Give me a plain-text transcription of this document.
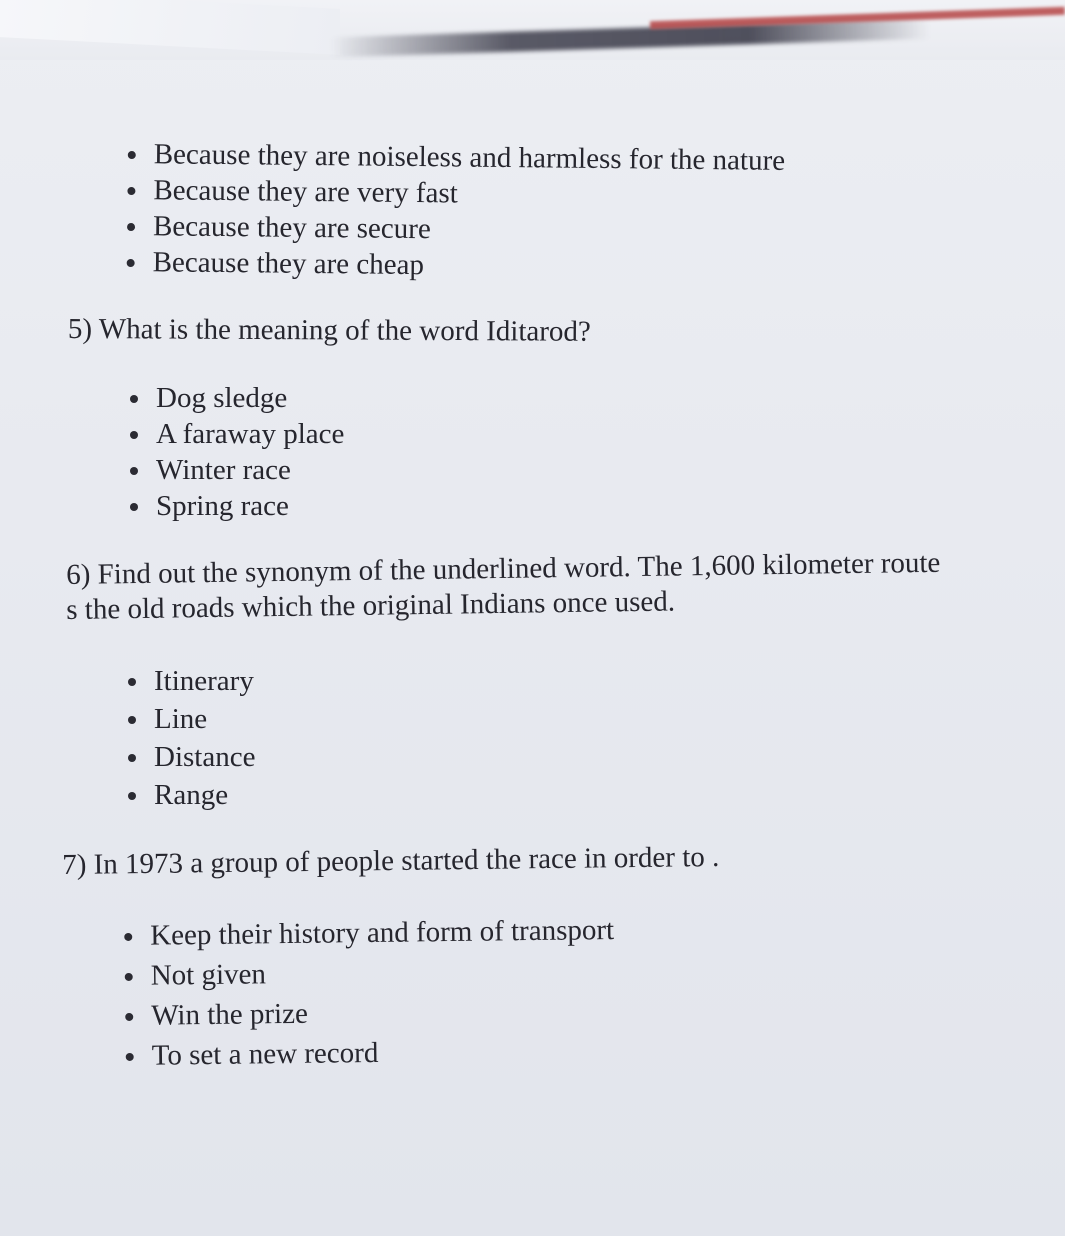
Because they are noiseless and harmless for the nature
Because they are very fast
Because they are secure
Because they are cheap
5) What is the meaning of the word Iditarod?
Dog sledge
A faraway place
Winter race
Spring race
6) Find out the synonym of the underlined word. The 1,600 kilometer route
s the old roads which the original Indians once used.
Itinerary
Line
Distance
Range
7) In 1973 a group of people started the race in order to .
Keep their history and form of transport
Not given
Win the prize
To set a new record
